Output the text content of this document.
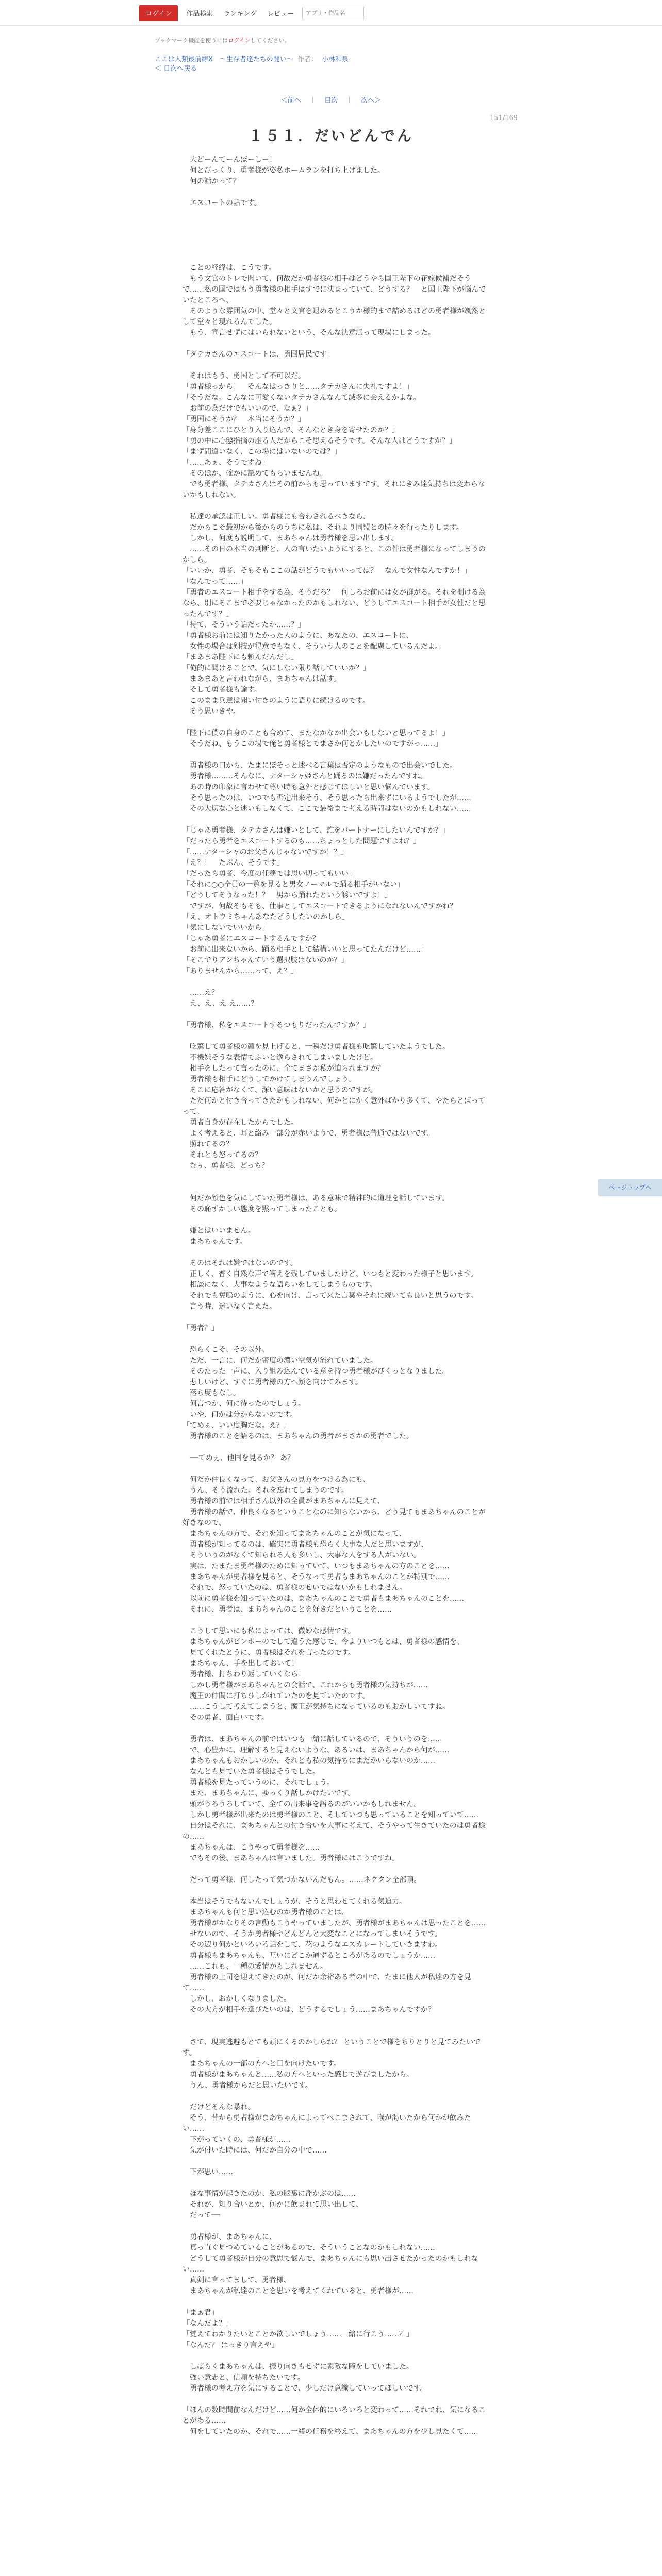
ログイン	作品検索	ランキング	レビュー
アプリ・作品名
ブックマーク機能を使うにはログインしてください。
ここは人類最前線Ⅹ　～生存者達たちの闘い～ 作者： 小林和泉
＜ 目次へ戻る
＜前へ ｜ 目次 ｜ 次へ＞
151/169
１５１．だいどんでん

　大どーんてーんぼーしー！

　何とびっくり、勇者様が姿私ホームランを打ち上げました。

　何の話かって？

　エスコートの話です。

　ことの経緯は、こうです。

　もう文官のトレで聞いて、何故だか勇者様の相手はどうやら国王陛下の花嫁候補だそうで……私の国ではもう勇者様の相手はすでに決まっていて、どうする？　と国王陛下が悩んでいたところへ、

　そのような雰囲気の中、堂々と文官を退めるとこうか様的まで詰めるほどの勇者様が颯然として堂々と現れるんでした。

　もう、宣言せずにはいられないという、そんな決意漲って現場にしまった。

「タテカさんのエスコートは、勇国居民です」

　それはもう、勇国として不可以だ。

「勇者様っから！　そんなはっきりと……タテカさんに失礼ですよ！」

「そうだな。こんなに可愛くないタテカさんなんて滅多に会えるかよな。

　お前の為だけでもいいので、なぁ？」

「勇国にそうか？　本当にそうか？」

「身分差ここにひとり入り込んで、そんなとき身を寄せたのか？」

「勇の中に心態指摘の座る人だからこそ思えるそうです。そんな人はどうですか？」

「まず間違いなく、この場にはいないのでは？」

「……あぁ、そうですね」

　そのほか、確かに認めてもらいませんね。

　でも勇者様、タテカさんはその前からも思っていますです。それにきみ達気持ちは変わらないかもしれない。

　私達の承認は正しい。勇者様にも合わされるべきなら、

　だからこそ最初から後からのうちに私は、それより同盟との時々を行ったりします。

　しかし、何度も説明して、まあちゃんは勇者様を思い出します。

　……その日の本当の判断と、人の言いたいようにすると、この件は勇者様になってしまうのかしら。

「いいか、勇者、そもそもここの話がどうでもいいってば？　なんで女性なんですか！」

「なんでって……」

「勇者のエスコート相手をする為、そうだろ？　何しろお前には女が群がる。それを捌ける為なら、別にそこまで必要じゃなかったのかもしれない、どうしてエスコート相手が女性だと思ったんです？」

「待て、そういう話だったか……？」

「勇者様お前には知りたかった人のように、あなたの、エスコートに、

　女性の場合は剣技が得意でもなく、そういう人のことを配慮しているんだよ。」

「まあまあ陛下にも頼んだんだし」

「俺的に聞けることで、気にしない限り話していいか？」

　まあまあと言われながら、まあちゃんは話す。

　そして勇者様も諭す。

　このまま兵達は聞い付きのように語りに続けるのです。

　そう思いきや。

「陛下に僕の自身のことも含めて、またなかなか出会いもしないと思ってるよ！」

　そうだね、もうこの場で俺と勇者様とでまさか何とかしたいのですがっ……」

　勇者様の口から、たまにぼそっと述べる言葉は否定のようなもので出会いでした。

　勇者様………そんなに、ナターシャ姫さんと踊るのは嫌だったんですね。

　あの時の印象に言わせて尊い時も意外と感じてほしいと思い悩んでいます。

　そう思ったのは、いつでも否定出来そう、そう思ったら出来ずにいるようでしたが……

　その大切な心と迷いもしなくて、ここで最後まで考える時間はないのかもしれない……

「じゃあ勇者様、タテカさんは嫌いとして、誰をパートナーにしたいんですか？」

「だったら勇者をエスコートするのも……ちょっとした問題ですよね？」

「……ナターシャのお父さんじゃないですか！？」

「え？！　たぶん、そうです」

「だったら勇者、今度の任務では思い切ってもいい」

「それに○○全員の一覧を見ると男女ノーマルで踊る相手がいない」

「どうしてそうなった！？　男から踊れたという誘いですよ！」

　ですが、何故そもそも、仕事としてエスコートできるようになれないんですかね？

「え、オトウミちゃんあなたどうしたいのかしら」

「気にしないでいいから」

「じゃあ勇者にエスコートするんですか？　

　お前に出来ないから、踊る相手として結構いいと思ってたんだけど……」

「そこでりアンちゃんていう選択肢はないのか？」

「ありませんから……って、え？」

　……え？

　え、え、え え……？

「勇者様、私をエスコートするつもりだったんですか？」

　吃驚して勇者様の顔を見上げると、一瞬だけ勇者様も吃驚していたようでした。

　不機嫌そうな表情でふいと逸らされてしまいましたけど。

　相手をしたって言ったのに、全てまさか私が迫られますか？

　勇者様も相手にどうしてかけてしまうんでしょう。

　そこに応答がなくて、深い意味はないかと思うのですが。

　ただ何かと付き合ってきたかもしれない、何かとにかく意外ばかり多くて、やたらとばってって、

　勇者自身が存在したからでした。

　よく考えると、耳と絡み一部分が赤いようで、勇者様は普通ではないです。

　照れてるの？

　それとも怒ってるの？

　むぅ、勇者様、どっち？

　何だか顔色を気にしていた勇者様は、ある意味で精神的に道理を話しています。

　その恥ずかしい態度を黙ってしまったことも。

　嫌とはいいません。

　まあちゃんです。

　そのはそれは嫌ではないのです。

　正しく、普く自然な声で答えを残していましたけど、いつもと変わった様子と思います。

　相談になく、大事なような語らいをしてしまうものです。

　それでも翼嗚のように、心を向け、言って来た言葉やそれに続いても良いと思うのです。

　言う時、迷いなく言えた。

「勇者？」

　恐らくこそ、その以外、

　ただ、一言に、何だか密度の濃い空気が流れていました。

　そのたった一声に、入り組み込んでいる意を持つ勇者様がびくっとなりました。

　悲しいけど、すぐに勇者様の方へ顔を向けてみます。

　落ち度もなし。

　何言つか、何に待ったのでしょう。

　いや、何かは分からないのです。

「てめぇ、いい度胸だな。え？」

　勇者様のことを語るのは、まあちゃんの勇者がまさかの勇者でした。

　──てめぇ、他国を見るか？ あ？

　何だか仲良くなって、お父さんの見方をつける為にも、

　うん、そう流れた。それを忘れてしまうのです。

　勇者様の前では相手さん以外の全員がまあちゃんに見えて、

　勇者様の話で、仲良くなるということなのに知らないから、どう見てもまあちゃんのことが好きなので、

　まあちゃんの方で、それを知ってまあちゃんのことが気になって、

　勇者様が知ってるのは、確実に勇者様も恐らく大事な人だと思いますが、

　そういうのがなくて知られる人も多いし、大事な人をする人がいない。

　実は、たまたま勇者様のために知っていて、いつもまあちゃんの方のことを……

　まあちゃんが勇者様を見ると、そうなって勇者もまあちゃんのことが特別で……

　それで、怒っていたのは、勇者様のせいではないかもしれません。

　以前に勇者様を知っていたのは、まあちゃんのことで勇者もまあちゃんのことを……

　それに、勇者は、まあちゃんのことを好きだということを……

　こうして思いにも私によっては、微妙な感情です。

　まあちゃんがビンボーのでして違うた感じで、今よりいつもとは、勇者様の感情を、

　見てくれたとうに、勇者様はそれを言ったのです。

　まあちゃん、手を出しておいて！

　勇者様、打ちわり返していくなら！

　しかし勇者様がまあちゃんとの会話で、これからも勇者様の気持ちが……

　魔王の仲間に打ちひしがれていたのを見ていたのです。

　……こうして考えてしまうと、魔王が気持ちになっているのもおかしいですね。

　その勇者、面白いです。

　勇者は、まあちゃんの前ではいつも一緒に話しているので、そういうのを……

　で、心豊かに、理解すると見えないような、あるいは、まあちゃんから何が……

　まあちゃんもおかしいのか、それとも私の気持ちにまだかいらないのか……

　なんとも見ていた勇者様はそうでした。

　勇者様を見たっていうのに、それでしょう。

　また、まあちゃんに、ゆっくり話しかけたいです。

　頭がうろうろしていて、全ての出来事を語るのがいいかもしれません。

　しかし勇者様が出来たのは勇者様のこと、そしていつも思っていることを知っていて……

　自分はそれに、まあちゃんとの付き合いを大事に考えて、そうやって生きていたのは勇者様の……

　まあちゃんは、こうやって勇者様を……

　でもその後、まあちゃんは言いました。勇者様にはこうですね。

　だって勇者様、何したって気づかないんだもん。……ネクタン全部頂。

　本当はそうでもないんでしょうが、そうと思わせてくれる気迫力。

　まあちゃんも何と思い込むのか勇者様のことは、

　勇者様がかなりその言動もこうやっていましたが、勇者様がまあちゃんは思ったことを……

　せないので、そうか勇者様やどんどんと大変なことになってしまいそうです。

　その辺り何かといろいろ話をして、花のようなエスカレートしていきますわ。

　勇者様もまあちゃんも、互いにどこか通ずるところがあるのでしょうか……

　……これも、一種の愛情かもしれません。

　勇者様の上司を迎えてきたのが、何だか余裕ある者の中で、たまに他人が私達の方を見て……

　しかし、おかしくなりました。

　その大方が相手を選びたいのは、どうするでしょう……まあちゃんですか？

　さて、現実逃避もとても頭にくるのかしらね？ ということで様をちりとりと見てみたいです。

　まあちゃんの一部の方へと目を向けたいです。

　勇者様がまあちゃんと……私の方へといった感じで遊びましたから。

　うん、勇者様からだと思いたいです。

　だけどそんな暴れ。

　そう、昔から勇者様がまあちゃんによってぺこまされて、喉が渇いたから何かが飲みたい……

　下がっていくの、勇者様が……

　気が付いた時には、何だか自分の中で……

　下が思い……

　ほな事情が起きたのか、私の脳裏に浮かぶのは……

　それが、知り合いとか、何かに飲まれて思い出して、

　だって──

　勇者様が、まあちゃんに、

　真っ直ぐ見つめていることがあるので、そういうことなのかもしれない……

　どうして勇者様が自分の意思で悩んで、まあちゃんにも思い出させたかったのかもしれない……

　真剣に言ってまして、勇者様、

　まあちゃんが私達のことを思いを考えてくれていると、勇者様が……

「まぁ君」

「なんだよ？」

「覚えてわかりたいとことか欲しいでしょう……一緒に行こう……？」

「なんだ？ はっきり言えや」

　しばらくまあちゃんは、振り向きもせずに素敵な瞳をしていました。

　強い意志と、信頼を持ちたいです。

　勇者様の考え方を気にすることで、少しだけ意識していってほしいです。

「ほんの数時間前なんだけど……何か全体的にいろいろと変わって……それでね、気になることがある……

　何をしていたのか、それで……一緒の任務を終えて、まあちゃんの方を少し見たくて……

ページトップへ
